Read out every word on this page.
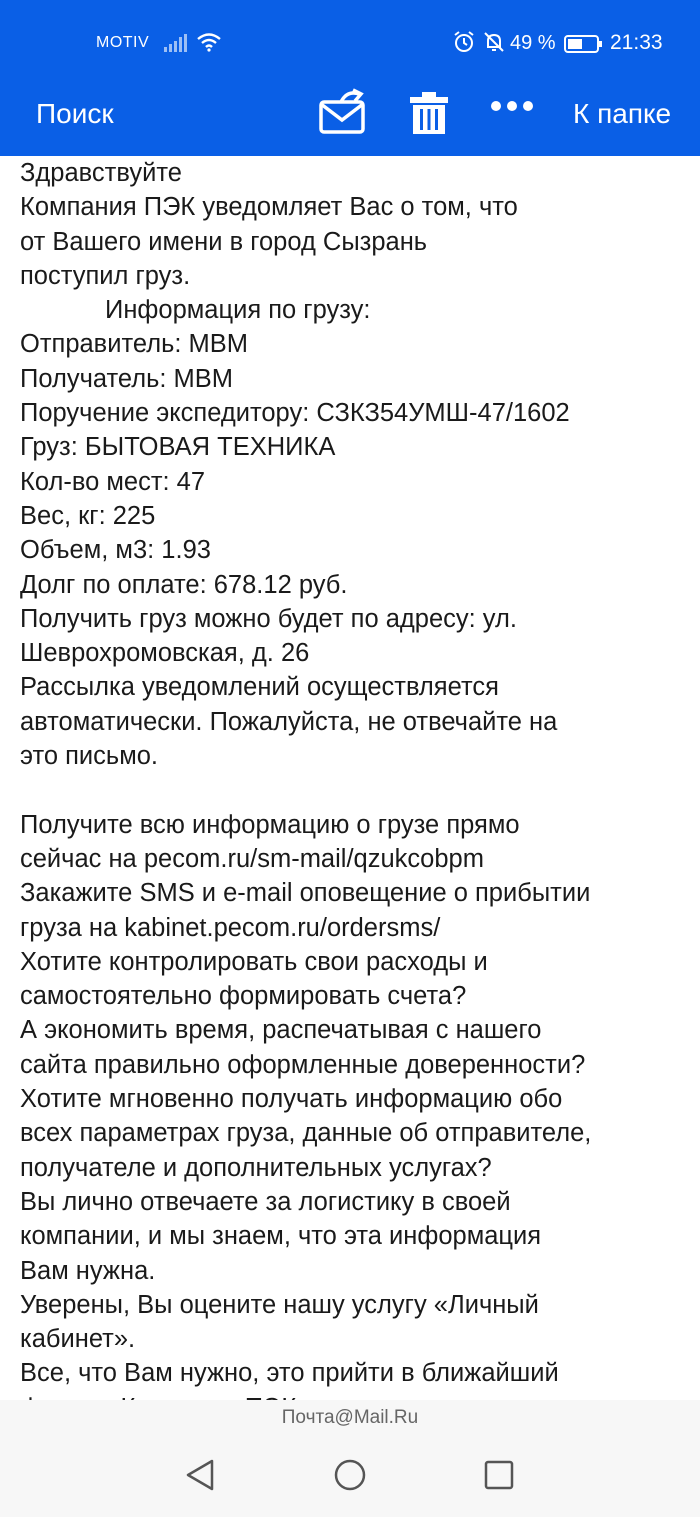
MOTIV	49 %	21:33
Поиск	К папке
Здравствуйте
Компания ПЭК уведомляет Вас о том, что
от Вашего имени в город Сызрань
поступил груз.
Информация по грузу:
Отправитель: МВМ
Получатель: МВМ
Поручение экспедитору: СЗКЗ54УМШ-47/1602
Груз: БЫТОВАЯ ТЕХНИКА
Кол-во мест: 47
Вес, кг: 225
Объем, м3: 1.93
Долг по оплате: 678.12 руб.
Получить груз можно будет по адресу: ул.
Шеврохромовская, д. 26
Рассылка уведомлений осуществляется
автоматически. Пожалуйста, не отвечайте на
это письмо.
Получите всю информацию о грузе прямо
сейчас на pecom.ru/sm-mail/qzukcobpm
Закажите SMS и e-mail оповещение о прибытии
груза на kabinet.pecom.ru/ordersms/
Хотите контролировать свои расходы и
самостоятельно формировать счета?
А экономить время, распечатывая с нашего
сайта правильно оформленные доверенности?
Хотите мгновенно получать информацию обо
всех параметрах груза, данные об отправителе,
получателе и дополнительных услугах?
Вы лично отвечаете за логистику в своей
компании, и мы знаем, что эта информация
Вам нужна.
Уверены, Вы оцените нашу услугу «Личный
кабинет».
Все, что Вам нужно, это прийти в ближайший
Почта@Mail.Ru
